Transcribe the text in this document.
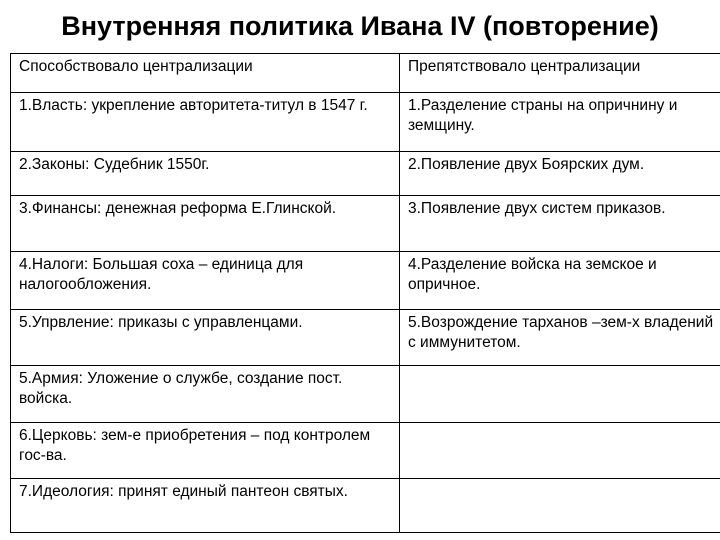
Внутренняя политика Ивана IV (повторение)
Способствовало централизации	Препятствовало централизации
1.Власть: укрепление авторитета-титул в 1547 г.	1.Разделение страны на опричнину и земщину.
2.Законы: Судебник 1550г.	2.Появление двух Боярских дум.
3.Финансы: денежная реформа Е.Глинской.	3.Появление двух систем приказов.
4.Налоги: Большая соха – единица для налогообложения.	4.Разделение войска на земское и опричное.
5.Упрвление: приказы с управленцами.	5.Возрождение тарханов –зем-х владений с иммунитетом.
5.Армия: Уложение о службе, создание пост. войска.	
6.Церковь: зем-е приобретения – под контролем гос-ва.	
7.Идеология: принят единый пантеон святых.	
